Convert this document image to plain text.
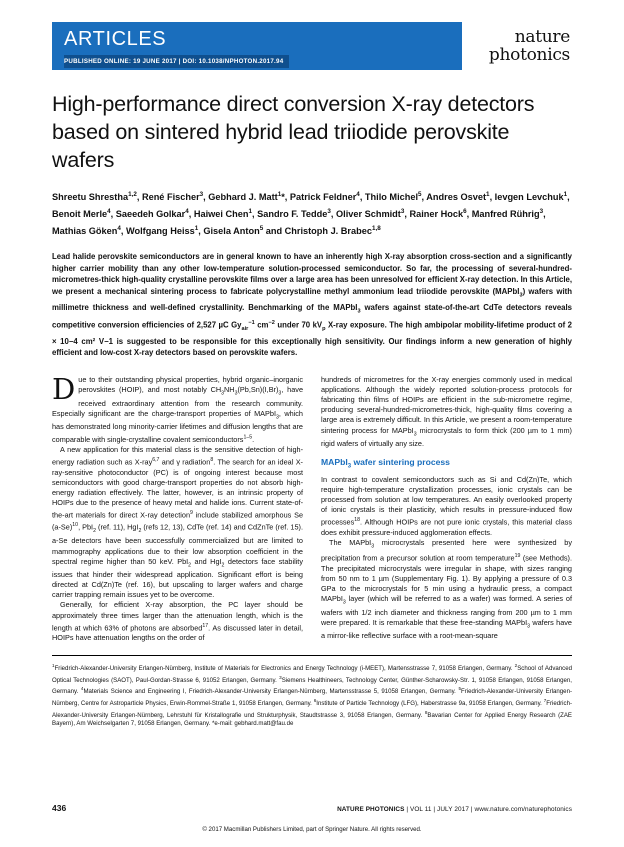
ARTICLES
PUBLISHED ONLINE: 19 JUNE 2017 | DOI: 10.1038/NPHOTON.2017.94
nature
photonics
High-performance direct conversion X-ray detectors based on sintered hybrid lead triiodide perovskite wafers
Shreetu Shrestha$^{1,2}$, René Fischer$^3$, Gebhard J. Matt$^1$*, Patrick Feldner$^4$, Thilo Michel$^5$, Andres Osvet$^1$, Ievgen Levchuk$^1$, Benoit Merle$^4$, Saeedeh Golkar$^4$, Haiwei Chen$^1$, Sandro F. Tedde$^3$, Oliver Schmidt$^3$, Rainer Hock$^6$, Manfred Rührig$^3$, Mathias Göken$^4$, Wolfgang Heiss$^1$, Gisela Anton$^5$ and Christoph J. Brabec$^{1,8}$
Lead halide perovskite semiconductors are in general known to have an inherently high X-ray absorption cross-section and a significantly higher carrier mobility than any other low-temperature solution-processed semiconductor. So far, the processing of several-hundred-micrometres-thick high-quality crystalline perovskite films over a large area has been unresolved for efficient X-ray detection. In this Article, we present a mechanical sintering process to fabricate polycrystalline methyl ammonium lead triiodide perovskite (MAPbI$_3$) wafers with millimetre thickness and well-defined crystallinity. Benchmarking of the MAPbI$_3$ wafers against state-of-the-art CdTe detectors reveals competitive conversion efficiencies of 2,527 µC $Gy_{air}^{-1}$ $cm^{-2}$ under 70 $kV_p$ X-ray exposure. The high ambipolar mobility-lifetime product of 2 × 10−4 cm² V−1 is suggested to be responsible for this exceptionally high sensitivity. Our findings inform a new generation of highly efficient and low-cost X-ray detectors based on perovskite wafers.

Due to their outstanding physical properties, hybrid organic–inorganic perovskites (HOIP), and most notably $CH_3NH_3(Pb,Sn)(I,Br)_3$, have received extraordinary attention from the research community. Especially significant are the charge-transport properties of MAPbI$_3$, which has demonstrated long minority-carrier lifetimes and diffusion lengths that are comparable with single-crystalline covalent semiconductors$^{1-5}$.

A new application for this material class is the sensitive detection of high-energy radiation such as X-ray$^{6,7}$ and γ radiation$^8$. The search for an ideal X-ray-sensitive photoconductor (PC) is of ongoing interest because most semiconductors with good charge-transport properties do not absorb high-energy radiation effectively. The latter, however, is an intrinsic property of HOIPs due to the presence of heavy metal and halide ions. Current state-of-the-art materials for direct X-ray detection$^9$ include stabilized amorphous Se $(a-Se)^{10}$, PbI$_2$ (ref. 11), HgI$_2$ (refs 12, 13), CdTe (ref. 14) and CdZnTe (ref. 15). a-Se detectors have been successfully commercialized but are limited to mammography applications due to their low absorption coefficient in the spectral regime higher than 50 keV. PbI$_2$ and HgI$_2$ detectors face stability issues that hinder their widespread application. Significant effort is being directed at Cd(Zn)Te (ref. 16), but upscaling to larger wafers and charge carrier trapping remain issues yet to be overcome.

Generally, for efficient X-ray absorption, the PC layer should be approximately three times larger than the attenuation length, which is the length at which 63% of photons are absorbed$^{17}$. As discussed later in detail, HOIPs have attenuation lengths on the order of

hundreds of micrometres for the X-ray energies commonly used in medical applications. Although the widely reported solution-process protocols for fabricating thin films of HOIPs are efficient in the sub-micrometre regime, producing several-hundred-micrometres-thick, high-quality films covering a large area is extremely difficult. In this Article, we present a room-temperature sintering process for MAPbI$_3$ microcrystals to form thick (200 µm to 1 mm) rigid wafers of virtually any size.

MAPbI$_3$ wafer sintering process

In contrast to covalent semiconductors such as Si and Cd(Zn)Te, which require high-temperature crystallization processes, ionic crystals can be processed from solution at low temperatures. An easily overlooked property of ionic crystals is their plasticity, which results in pressure-induced flow processes$^{18}$. Although HOIPs are not pure ionic crystals, this material class does exhibit pressure-induced agglomeration effects.

The MAPbI$_3$ microcrystals presented here were synthesized by precipitation from a precursor solution at room temperature$^{19}$ (see Methods). The precipitated microcrystals were irregular in shape, with sizes ranging from 50 nm to 1 µm (Supplementary Fig. 1). By applying a pressure of 0.3 GPa to the microcrystals for 5 min using a hydraulic press, a compact MAPbI$_3$ layer (which will be referred to as a wafer) was formed. A series of wafers with 1/2 inch diameter and thickness ranging from 200 µm to 1 mm were prepared. It is remarkable that these free-standing MAPbI$_3$ wafers have a mirror-like reflective surface with a root-mean-square

$^1$Friedrich-Alexander-University Erlangen-Nürnberg, Institute of Materials for Electronics and Energy Technology (i-MEET), Martensstrasse 7, 91058 Erlangen, Germany. $^2$School of Advanced Optical Technologies (SAOT), Paul-Gordan-Strasse 6, 91052 Erlangen, Germany. $^3$Siemens Healthineers, Technology Center, Günther-Scharowsky-Str. 1, 91058 Erlangen, 91058 Erlangen, Germany. $^4$Materials Science and Engineering I, Friedrich-Alexander-University Erlangen-Nürnberg, Martensstrasse 5, 91058 Erlangen, Germany. $^5$Friedrich-Alexander-University Erlangen-Nürnberg, Centre for Astroparticle Physics, Erwin-Rommel-Straße 1, 91058 Erlangen, Germany. $^6$Institute of Particle Technology (LFG), Haberstrasse 9a, 91058 Erlangen, Germany. $^7$Friedrich-Alexander-University Erlangen-Nürnberg, Lehrstuhl für Kristallografie und Strukturphysik, Staudtstrasse 3, 91058 Erlangen, Germany. $^8$Bavarian Center for Applied Energy Research (ZAE Bayern), Am Weichselgarten 7, 91058 Erlangen, Germany. *e-mail: gebhard.matt@fau.de
436	NATURE PHOTONICS | VOL 11 | JULY 2017 | www.nature.com/naturephotonics
© 2017 Macmillan Publishers Limited, part of Springer Nature. All rights reserved.
